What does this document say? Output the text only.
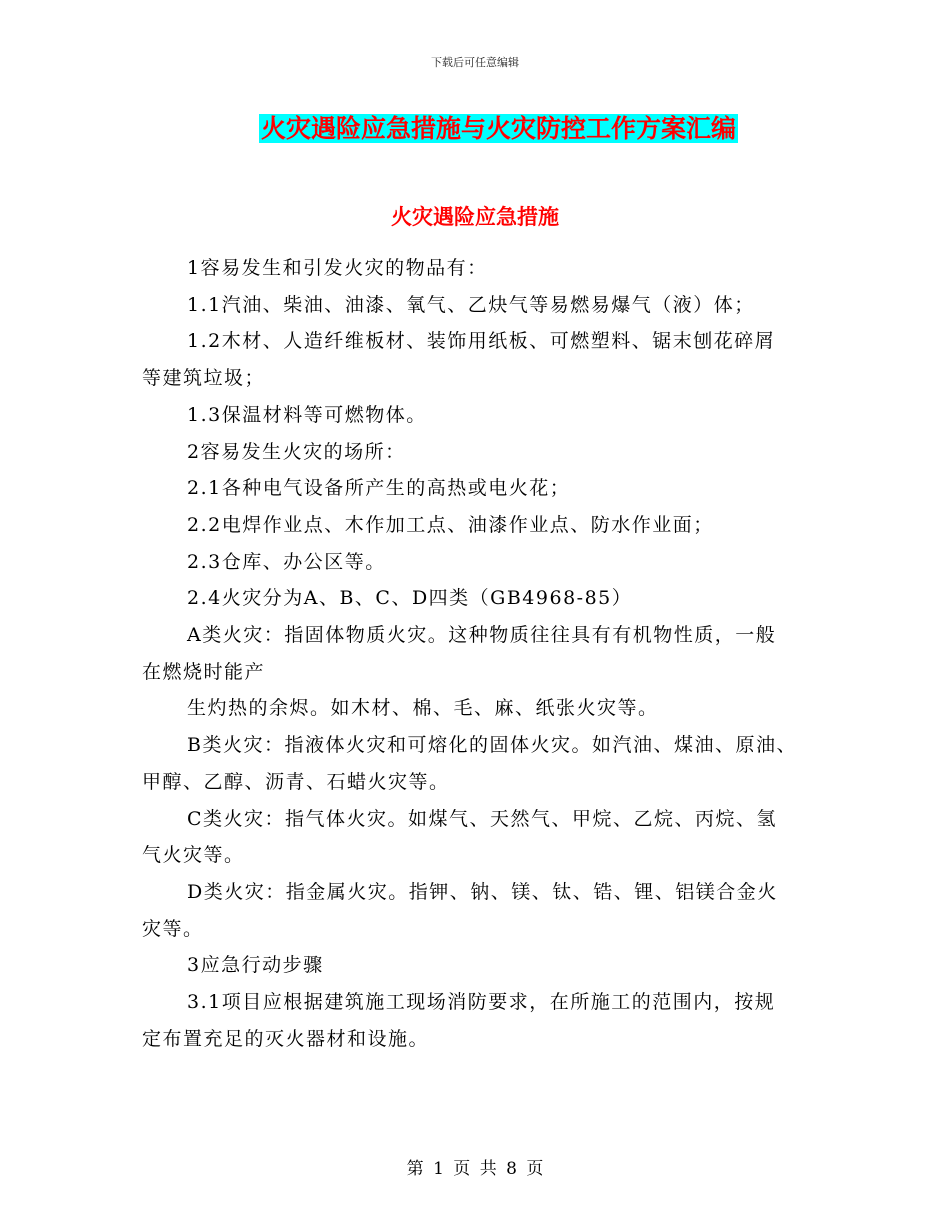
下载后可任意编辑
火灾遇险应急措施与火灾防控工作方案汇编
火灾遇险应急措施

1容易发生和引发火灾的物品有：

1.1汽油、柴油、油漆、氧气、乙炔气等易燃易爆气（液）体；

1.2木材、人造纤维板材、装饰用纸板、可燃塑料、锯末刨花碎屑

等建筑垃圾；

1.3保温材料等可燃物体。

2容易发生火灾的场所：

2.1各种电气设备所产生的高热或电火花；

2.2电焊作业点、木作加工点、油漆作业点、防水作业面；

2.3仓库、办公区等。

2.4火灾分为A、B、C、D四类（GB4968-85）

A类火灾：指固体物质火灾。这种物质往往具有有机物性质，一般

在燃烧时能产

生灼热的余烬。如木材、棉、毛、麻、纸张火灾等。

B类火灾：指液体火灾和可熔化的固体火灾。如汽油、煤油、原油、

甲醇、乙醇、沥青、石蜡火灾等。

C类火灾：指气体火灾。如煤气、天然气、甲烷、乙烷、丙烷、氢

气火灾等。

D类火灾：指金属火灾。指钾、钠、镁、钛、锆、锂、铝镁合金火

灾等。

3应急行动步骤

3.1项目应根据建筑施工现场消防要求，在所施工的范围内，按规

定布置充足的灭火器材和设施。

第 1 页 共 8 页
